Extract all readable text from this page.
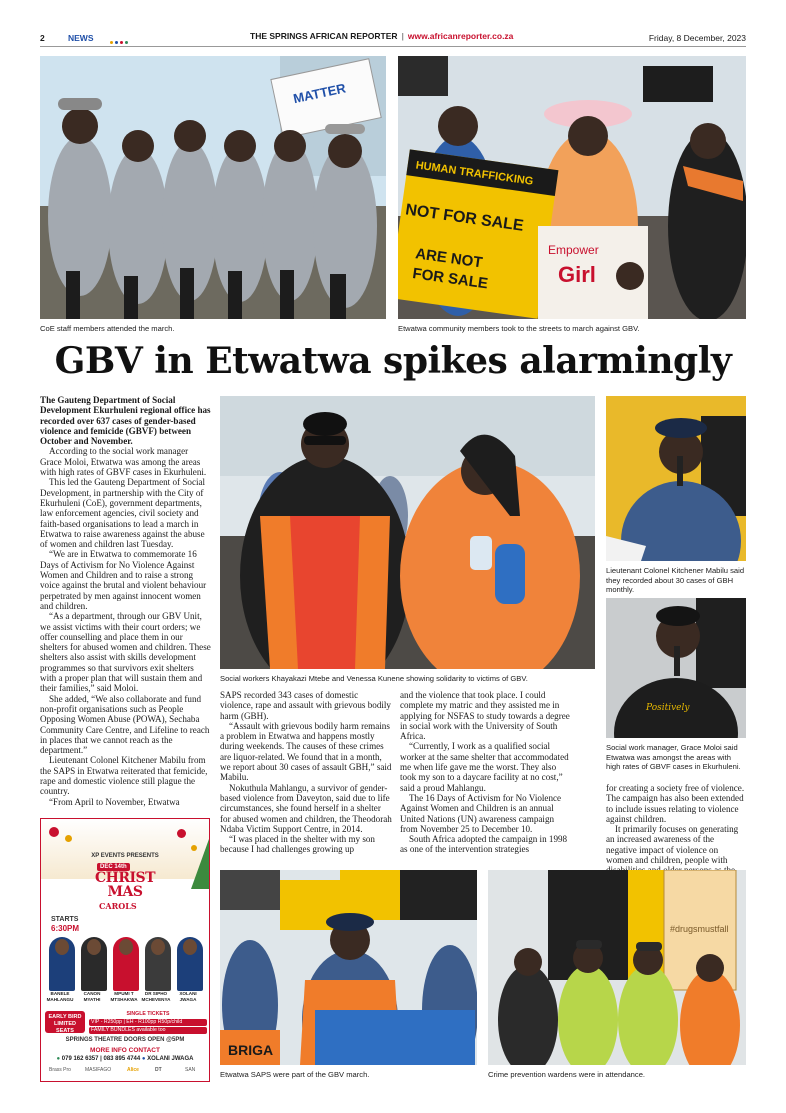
2	NEWS	THE SPRINGS AFRICAN REPORTER | www.africanreporter.co.za	Friday, 8 December, 2023
MATTER
CoE staff members attended the march.
HUMAN TRAFFICKING
NOT FOR SALE
ARE NOT
FOR SALE
Empower
Girl
Etwatwa community members took to the streets to march against GBV.
GBV in Etwatwa spikes alarmingly

The Gauteng Department of Social Development Ekurhuleni regional office has recorded over 637 cases of gender-based violence and femicide (GBVF) between October and November.

According to the social work manager Grace Moloi, Etwatwa was among the areas with high rates of GBVF cases in Ekurhuleni.

This led the Gauteng Department of Social Development, in partnership with the City of Ekurhuleni (CoE), government departments, law enforcement agencies, civil society and faith-based organisations to lead a march in Etwatwa to raise awareness against the abuse of women and children last Tuesday.

“We are in Etwatwa to commemorate 16 Days of Activism for No Violence Against Women and Children and to raise a strong voice against the brutal and violent behaviour perpetrated by men against innocent women and children.

“As a department, through our GBV Unit, we assist victims with their court orders; we offer counselling and place them in our shelters for abused women and children. These shelters also assist with skills development programmes so that survivors exit shelters with a proper plan that will sustain them and their families,” said Moloi.

She added, “We also collaborate and fund non-profit organisations such as People Opposing Women Abuse (POWA), Sechaba Community Care Centre, and Lifeline to reach in places that we cannot reach as the department.”

Lieutenant Colonel Kitchener Mabilu from the SAPS in Etwatwa reiterated that femicide, rape and domestic violence still plague the country.

“From April to November, Etwatwa

Social workers Khayakazi Mtebe and Venessa Kunene showing solidarity to victims of GBV.

SAPS recorded 343 cases of domestic violence, rape and assault with grievous bodily harm (GBH).

“Assault with grievous bodily harm remains a problem in Etwatwa and happens mostly during weekends. The causes of these crimes are liquor-related. We found that in a month, we report about 30 cases of assault GBH,” said Mabilu.

Nokuthula Mahlangu, a survivor of gender-based violence from Daveyton, said due to life circumstances, she found herself in a shelter for abused women and children, the Theodorah Ndaba Victim Support Centre, in 2014.

“I was placed in the shelter with my son because I had challenges growing up

and the violence that took place. I could complete my matric and they assisted me in applying for NSFAS to study towards a degree in social work with the University of South Africa.

“Currently, I work as a qualified social worker at the same shelter that accommodated me when life gave me the worst. They also took my son to a daycare facility at no cost,” said a proud Mahlangu.

The 16 Days of Activism for No Violence Against Women and Children is an annual United Nations (UN) awareness campaign from November 25 to December 10.

South Africa adopted the campaign in 1998 as one of the intervention strategies

Lieutenant Colonel Kitchener Mabilu said they recorded about 30 cases of GBH monthly.
Positively
Social work manager, Grace Moloi said Etwatwa was amongst the areas with high rates of GBVF cases in Ekurhuleni.

for creating a society free of violence. The campaign has also been extended to include issues relating to violence against children.

It primarily focuses on generating an increased awareness of the negative impact of violence on women and children, people with

BRIGA
Etwatwa SAPS were part of the GBV march.
#drugsmustfall
Crime prevention wardens were in attendance.
XP EVENTS PRESENTS
DEC 14th
CHRIST
MAS
CAROLS
STARTS
6:30PM
BANELE MAHLANGU
CANON MYATHI
MPUMI T MTSHAKWA
DR SIPHO MCHEVENYA
XOLANI JWAGA
EARLY BIRD LIMITED SEATS
SINGLE TICKETS
VIP - R250pp | EH - R100pp R50p/child
FAMILY BUNDLES available too
SPRINGS THEATRE DOORS OPEN @5PM
MORE INFO CONTACT
● 079 162 6357 | 083 895 4744 ● XOLANI JWAGA
Brass Pro	MASIFAGO	Alice	DT	SAN
